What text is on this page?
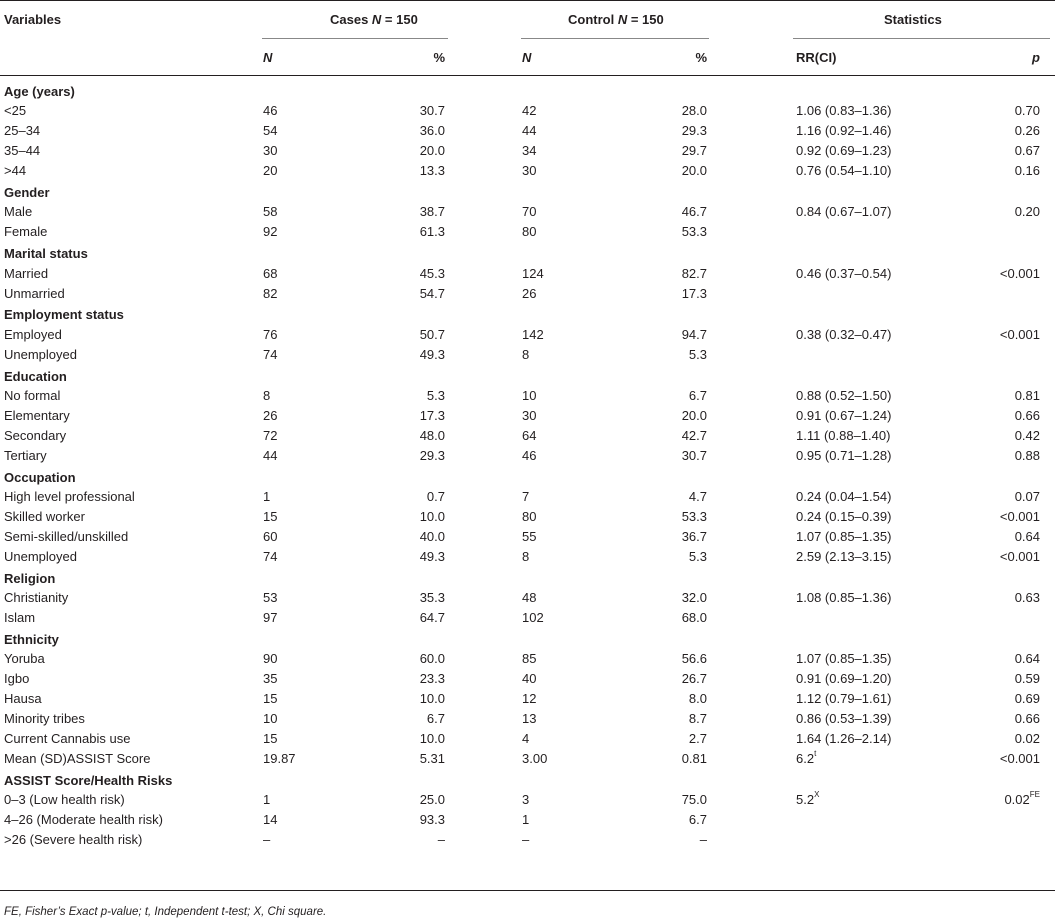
Variables	Cases N = 150	Control N = 150	Statistics
N	%	N	%	RR(CI)	p
Age (years)
<25	46	30.7	42	28.0	1.06 (0.83–1.36)	0.70
25–34	54	36.0	44	29.3	1.16 (0.92–1.46)	0.26
35–44	30	20.0	34	29.7	0.92 (0.69–1.23)	0.67
>44	20	13.3	30	20.0	0.76 (0.54–1.10)	0.16
Gender
Male	58	38.7	70	46.7	0.84 (0.67–1.07)	0.20
Female	92	61.3	80	53.3
Marital status
Married	68	45.3	124	82.7	0.46 (0.37–0.54)	<0.001
Unmarried	82	54.7	26	17.3
Employment status
Employed	76	50.7	142	94.7	0.38 (0.32–0.47)	<0.001
Unemployed	74	49.3	8	5.3
Education
No formal	8	5.3	10	6.7	0.88 (0.52–1.50)	0.81
Elementary	26	17.3	30	20.0	0.91 (0.67–1.24)	0.66
Secondary	72	48.0	64	42.7	1.11 (0.88–1.40)	0.42
Tertiary	44	29.3	46	30.7	0.95 (0.71–1.28)	0.88
Occupation
High level professional	1	0.7	7	4.7	0.24 (0.04–1.54)	0.07
Skilled worker	15	10.0	80	53.3	0.24 (0.15–0.39)	<0.001
Semi-skilled/unskilled	60	40.0	55	36.7	1.07 (0.85–1.35)	0.64
Unemployed	74	49.3	8	5.3	2.59 (2.13–3.15)	<0.001
Religion
Christianity	53	35.3	48	32.0	1.08 (0.85–1.36)	0.63
Islam	97	64.7	102	68.0
Ethnicity
Yoruba	90	60.0	85	56.6	1.07 (0.85–1.35)	0.64
Igbo	35	23.3	40	26.7	0.91 (0.69–1.20)	0.59
Hausa	15	10.0	12	8.0	1.12 (0.79–1.61)	0.69
Minority tribes	10	6.7	13	8.7	0.86 (0.53–1.39)	0.66
Current Cannabis use	15	10.0	4	2.7	1.64 (1.26–2.14)	0.02
Mean (SD)ASSIST Score	19.87	5.31	3.00	0.81	$6.2^t$	<0.001
ASSIST Score/Health Risks
0–3 (Low health risk)	1	25.0	3	75.0	$5.2^X$	$0.02^{FE}$
4–26 (Moderate health risk)	14	93.3	1	6.7
>26 (Severe health risk)	–	–	–	–
FE, Fisher’s Exact p-value; t, Independent t-test; X, Chi square.
